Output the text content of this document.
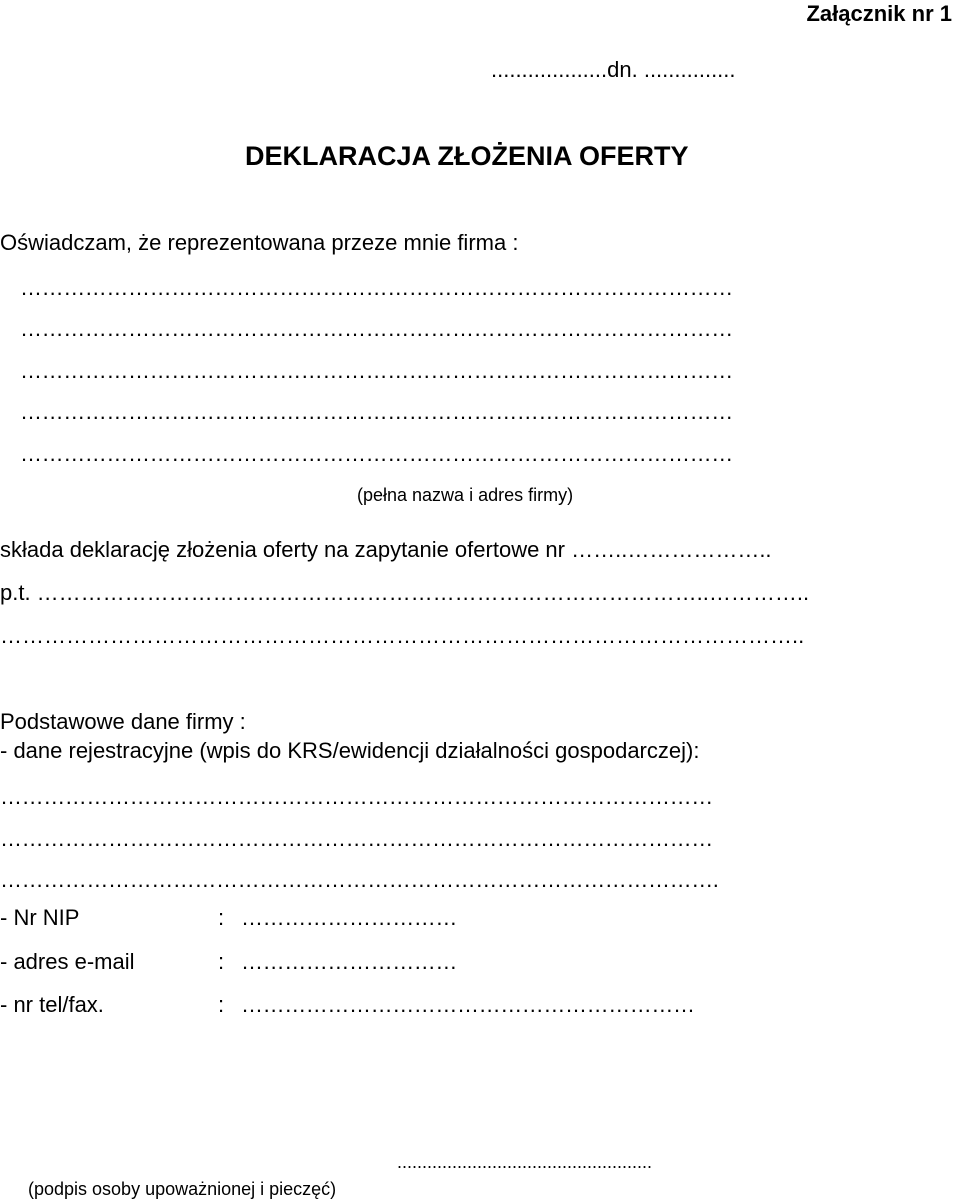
Załącznik nr 1

...................dn. ...............

DEKLARACJA ZŁOŻENIA OFERTY

Oświadczam, że reprezentowana przeze mnie firma :

………………………………………………………………………………………

………………………………………………………………………………………

………………………………………………………………………………………

………………………………………………………………………………………

………………………………………………………………………………………

(pełna nazwa i adres firmy)

składa deklarację złożenia oferty na zapytanie ofertowe nr ……..………………..

p.t. ………………………………………………………………………………..…………..

………………………………………………………………………………………………..

Podstawowe dane firmy :

- dane rejestracyjne (wpis do KRS/ewidencji działalności gospodarczej):

………………………………………………………………………………………

………………………………………………………………………………………

……………………………………………………………………………………….

- Nr NIP	: …………………………

- adres e-mail	: …………………………

- nr tel/fax.	: ………………………………………………………

...................................................

(podpis osoby upoważnionej i pieczęć)
